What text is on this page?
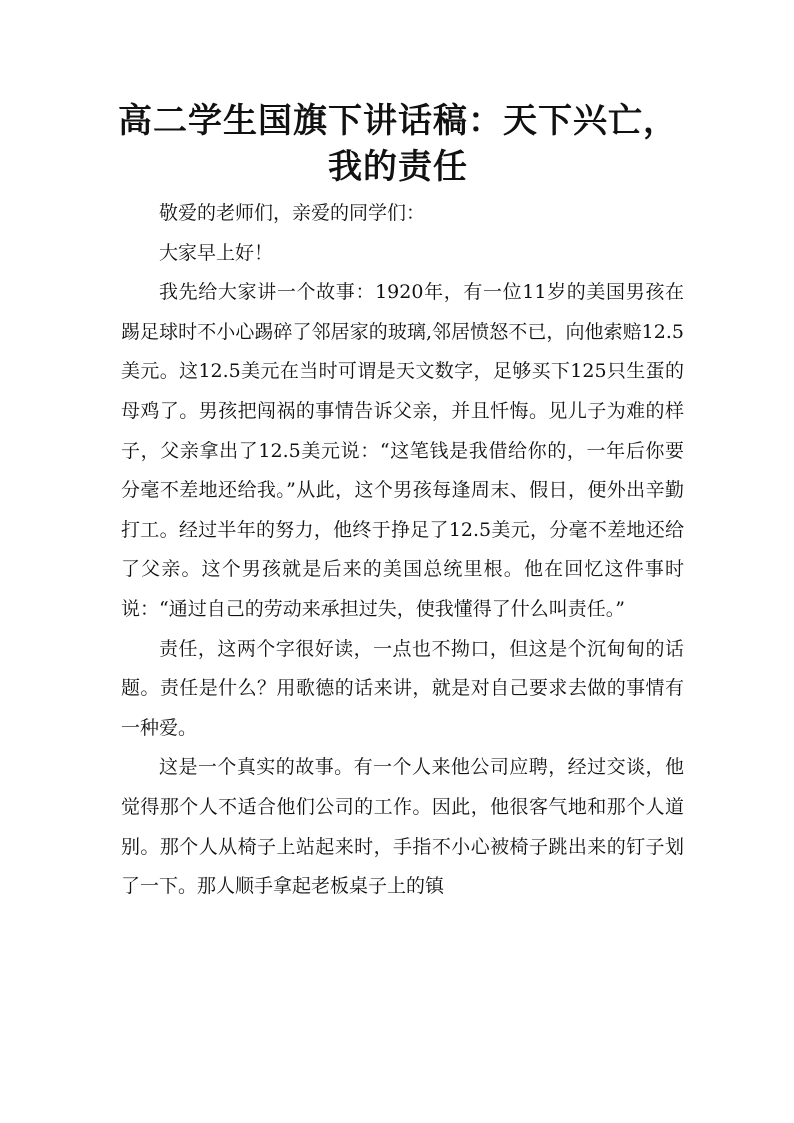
高二学生国旗下讲话稿：天下兴亡，我的责任

敬爱的老师们，亲爱的同学们：

大家早上好！

我先给大家讲一个故事：1920年，有一位11岁的美国男孩在踢足球时不小心踢碎了邻居家的玻璃,邻居愤怒不已，向他索赔12.5美元。这12.5美元在当时可谓是天文数字，足够买下125只生蛋的母鸡了。男孩把闯祸的事情告诉父亲，并且忏悔。见儿子为难的样子，父亲拿出了12.5美元说：“这笔钱是我借给你的，一年后你要分毫不差地还给我。”从此，这个男孩每逢周末、假日，便外出辛勤打工。经过半年的努力，他终于挣足了12.5美元，分毫不差地还给了父亲。这个男孩就是后来的美国总统里根。他在回忆这件事时说：“通过自己的劳动来承担过失，使我懂得了什么叫责任。”

责任，这两个字很好读，一点也不拗口，但这是个沉甸甸的话题。责任是什么？用歌德的话来讲，就是对自己要求去做的事情有一种爱。

这是一个真实的故事。有一个人来他公司应聘，经过交谈，他觉得那个人不适合他们公司的工作。因此，他很客气地和那个人道别。那个人从椅子上站起来时，手指不小心被椅子跳出来的钉子划了一下。那人顺手拿起老板桌子上的镇
